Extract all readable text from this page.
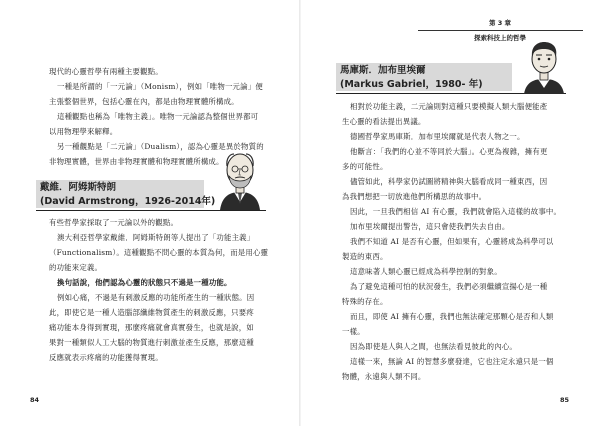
現代的心靈哲學有兩種主要觀點。
一種是所謂的「一元論」（Monism），例如「唯物一元論」便
主張整個世界，包括心靈在內，都是由物理實體所構成。
這種觀點也稱為「唯物主義」。唯物一元論認為整個世界都可
以用物理學來解釋。
另一種觀點是「二元論」（Dualism），認為心靈是異於物質的
非物理實體，世界由非物理實體和物理實體所構成。

戴維．阿姆斯特朗
(David Armstrong，1926-2014年)

有些哲學家採取了一元論以外的觀點。
澳大利亞哲學家戴維．阿姆斯特朗等人提出了「功能主義」
（Functionalism）。這種觀點不問心靈的本質為何，而是用心靈
的功能來定義。
換句話說，他們認為心靈的狀態只不過是一種功能。
例如心痛，不過是有刺激反應的功能所產生的一種狀態。因
此，即使它是一種人造腦部纖維物質產生的刺激反應，只要疼
痛功能本身得到實現，那麼疼痛就會真實發生，也就是說，如
果對一種類似人工大腦的物質進行刺激並產生反應，那麼這種
反應就表示疼痛的功能獲得實現。

84
第 3 章
探索科技上的哲學
馬庫斯．加布里埃爾
(Markus Gabriel，1980- 年)

相對於功能主義，二元論則對這種只要模擬人類大腦便能產
生心靈的看法提出異議。
德國哲學家馬庫斯．加布里埃爾就是代表人物之一。
他斷言：「我們的心並不等同於大腦」。心更為複雜，擁有更
多的可能性。
儘管如此，科學家仍試圖將精神與大腦看成同一種東西，因
為我們想把一切放進他們所構思的故事中。
因此，一旦我們相信 AI 有心靈，我們就會陷入這樣的故事中。
加布里埃爾提出警告，這只會使我們失去自由。
我們不知道 AI 是否有心靈，但如果有，心靈將成為科學可以
製造的東西。
這意味著人類心靈已經成為科學控制的對象。
為了避免這種可怕的狀況發生，我們必須繼續宣揚心是一種
特殊的存在。
而且，即使 AI 擁有心靈，我們也無法確定那顆心是否和人類
一樣。
因為即使是人與人之間，也無法看見彼此的內心。
這樣一來，無論 AI 的智慧多麼發達，它也注定永遠只是一個
物體，永遠與人類不同。

85
